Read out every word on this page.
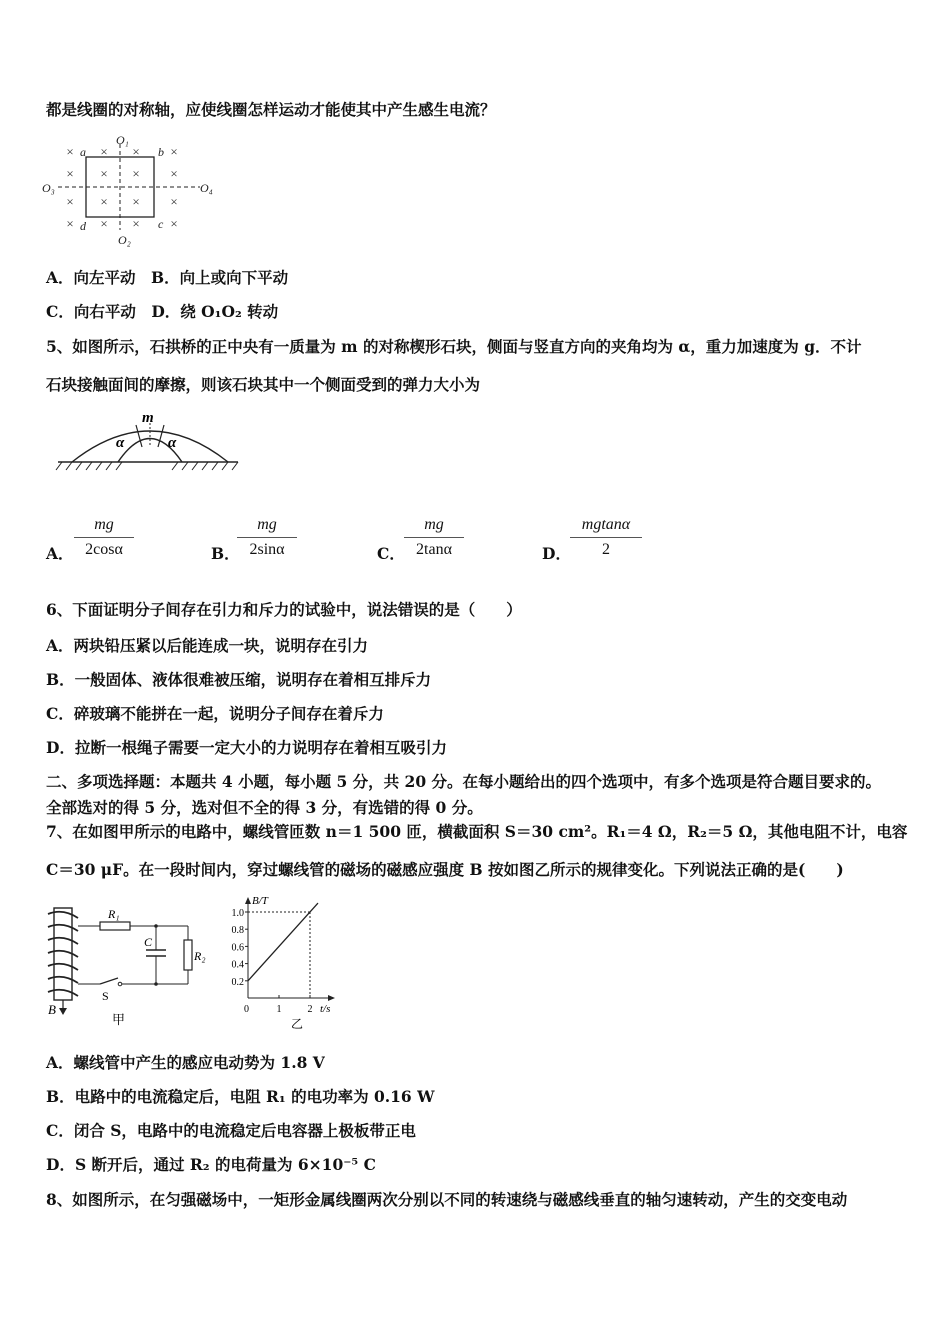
都是线圈的对称轴，应使线圈怎样运动才能使其中产生感生电流？
× × × ×
× × × ×
× × × ×
× × × ×
O₁
O₂
O₃	O₄
a	b
c
d
A．向左平动　B．向上或向下平动
C．向右平动　D．绕 O₁O₂ 转动
5、如图所示，石拱桥的正中央有一质量为 m 的对称楔形石块，侧面与竖直方向的夹角均为 α，重力加速度为 g．不计
石块接触面间的摩擦，则该石块其中一个侧面受到的弹力大小为
m
α	α
A． $\frac{mg}{2\cos\alpha}$	B．
$\frac{mg}{2\sin\alpha}$	C． $\frac{mg}{2\tan\alpha}$	D． $\frac{mgtan\alpha}{2}$
6、下面证明分子间存在引力和斥力的试验中，说法错误的是（　　）
A．两块铅压紧以后能连成一块，说明存在引力
B．一般固体、液体很难被压缩，说明存在着相互排斥力
C．碎玻璃不能拼在一起，说明分子间存在着斥力
D．拉断一根绳子需要一定大小的力说明存在着相互吸引力
二、多项选择题：本题共 4 小题，每小题 5 分，共 20 分。在每小题给出的四个选项中，有多个选项是符合题目要求的。
全部选对的得 5 分，选对但不全的得 3 分，有选错的得 0 分。
7、在如图甲所示的电路中，螺线管匝数 n＝1 500 匝，横截面积 S＝30 cm²。R₁＝4 Ω，R₂＝5 Ω，其他电阻不计，电容
C＝30 μF。在一段时间内，穿过螺线管的磁场的磁感应强度 B 按如图乙所示的规律变化。下列说法正确的是(　　)
B
R₁
R₂
C
S
甲
B/T
t/s
0
0.2
0.4
0.6
0.8
1.0
1	2
乙
A．螺线管中产生的感应电动势为 1.8 V
B．电路中的电流稳定后，电阻 R₁ 的电功率为 0.16 W
C．闭合 S，电路中的电流稳定后电容器上极板带正电
D．S 断开后，通过 R₂ 的电荷量为 6×10⁻⁵ C
8、如图所示，在匀强磁场中，一矩形金属线圈两次分别以不同的转速绕与磁感线垂直的轴匀速转动，产生的交变电动
